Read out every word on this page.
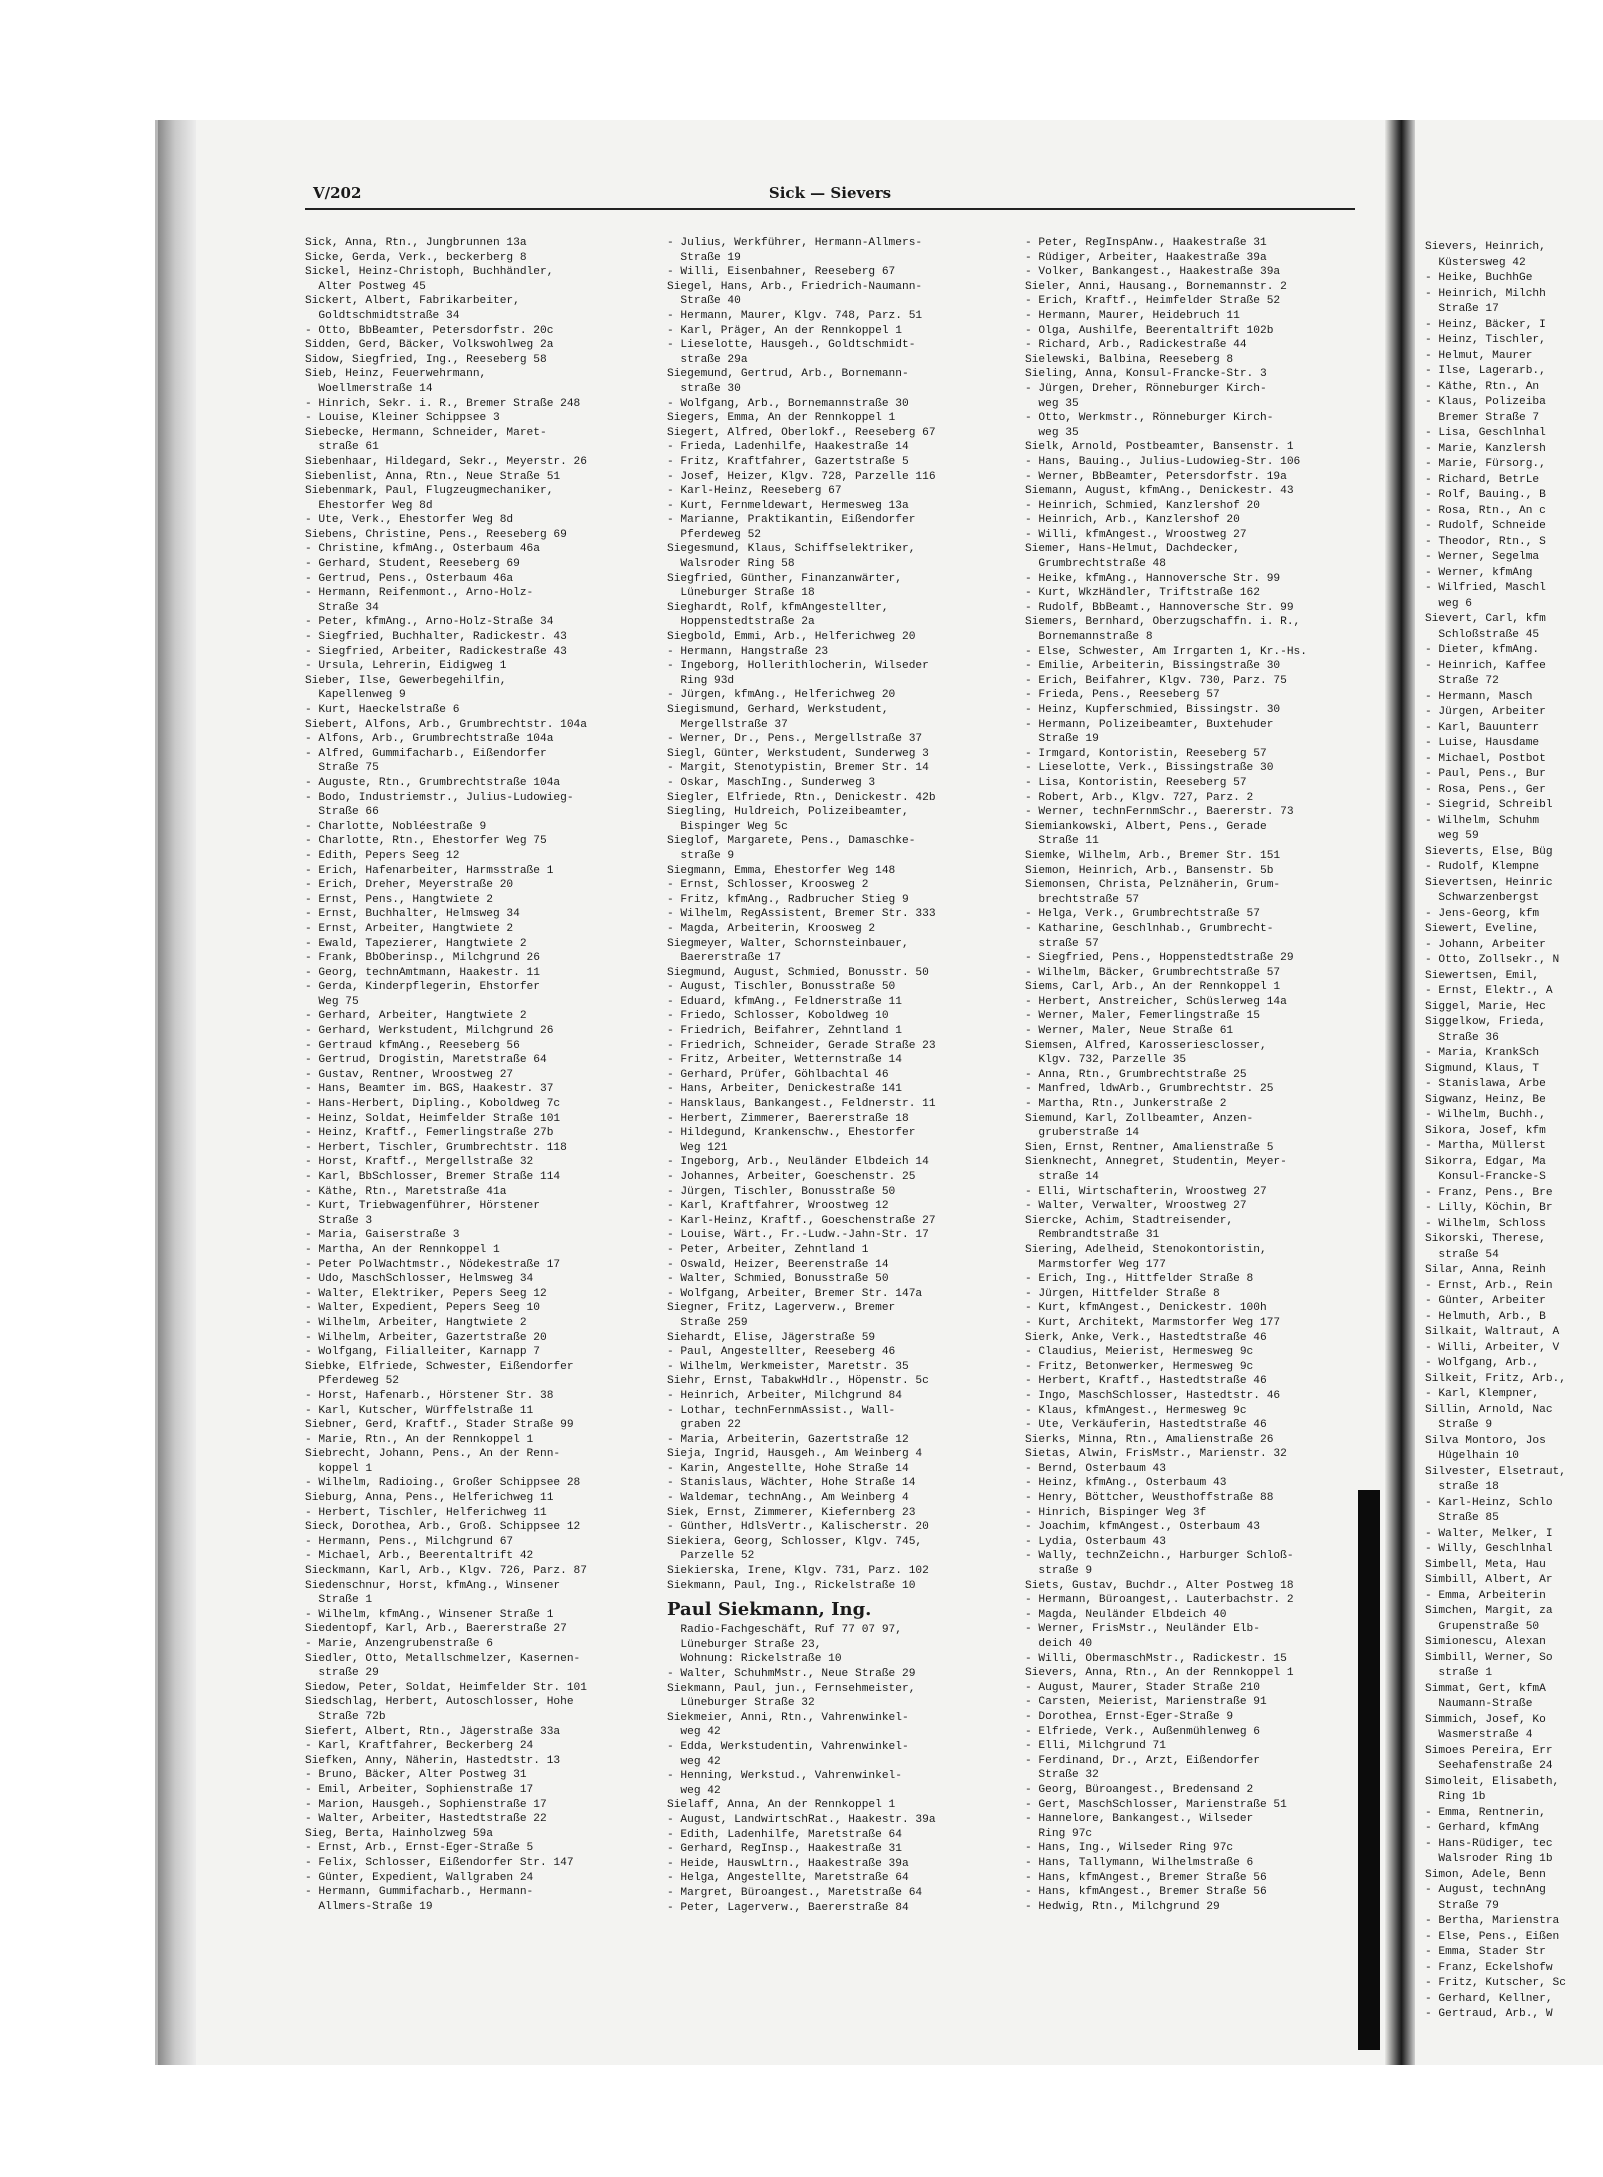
V/202	Sick — Sievers
Sick, Anna, Rtn., Jungbrunnen 13a
Sicke, Gerda, Verk., beckerberg 8
Sickel, Heinz-Christoph, Buchhändler,
Alter Postweg 45
Sickert, Albert, Fabrikarbeiter,
Goldtschmidtstraße 34
- Otto, BbBeamter, Petersdorfstr. 20c
Sidden, Gerd, Bäcker, Volkswohlweg 2a
Sidow, Siegfried, Ing., Reeseberg 58
Sieb, Heinz, Feuerwehrmann,
Woellmerstraße 14
- Hinrich, Sekr. i. R., Bremer Straße 248
- Louise, Kleiner Schippsee 3
Siebecke, Hermann, Schneider, Maret-
straße 61
Siebenhaar, Hildegard, Sekr., Meyerstr. 26
Siebenlist, Anna, Rtn., Neue Straße 51
Siebenmark, Paul, Flugzeugmechaniker,
Ehestorfer Weg 8d
- Ute, Verk., Ehestorfer Weg 8d
Siebens, Christine, Pens., Reeseberg 69
- Christine, kfmAng., Osterbaum 46a
- Gerhard, Student, Reeseberg 69
- Gertrud, Pens., Osterbaum 46a
- Hermann, Reifenmont., Arno-Holz-
Straße 34
- Peter, kfmAng., Arno-Holz-Straße 34
- Siegfried, Buchhalter, Radickestr. 43
- Siegfried, Arbeiter, Radickestraße 43
- Ursula, Lehrerin, Eidigweg 1
Sieber, Ilse, Gewerbegehilfin,
Kapellenweg 9
- Kurt, Haeckelstraße 6
Siebert, Alfons, Arb., Grumbrechtstr. 104a
- Alfons, Arb., Grumbrechtstraße 104a
- Alfred, Gummifacharb., Eißendorfer
Straße 75
- Auguste, Rtn., Grumbrechtstraße 104a
- Bodo, Industriemstr., Julius-Ludowieg-
Straße 66
- Charlotte, Nobléestraße 9
- Charlotte, Rtn., Ehestorfer Weg 75
- Edith, Pepers Seeg 12
- Erich, Hafenarbeiter, Harmsstraße 1
- Erich, Dreher, Meyerstraße 20
- Ernst, Pens., Hangtwiete 2
- Ernst, Buchhalter, Helmsweg 34
- Ernst, Arbeiter, Hangtwiete 2
- Ewald, Tapezierer, Hangtwiete 2
- Frank, BbOberinsp., Milchgrund 26
- Georg, technAmtmann, Haakestr. 11
- Gerda, Kinderpflegerin, Ehstorfer
Weg 75
- Gerhard, Arbeiter, Hangtwiete 2
- Gerhard, Werkstudent, Milchgrund 26
- Gertraud kfmAng., Reeseberg 56
- Gertrud, Drogistin, Maretstraße 64
- Gustav, Rentner, Wroostweg 27
- Hans, Beamter im. BGS, Haakestr. 37
- Hans-Herbert, Dipling., Koboldweg 7c
- Heinz, Soldat, Heimfelder Straße 101
- Heinz, Kraftf., Femerlingstraße 27b
- Herbert, Tischler, Grumbrechtstr. 118
- Horst, Kraftf., Mergellstraße 32
- Karl, BbSchlosser, Bremer Straße 114
- Käthe, Rtn., Maretstraße 41a
- Kurt, Triebwagenführer, Hörstener
Straße 3
- Maria, Gaiserstraße 3
- Martha, An der Rennkoppel 1
- Peter PolWachtmstr., Nödekestraße 17
- Udo, MaschSchlosser, Helmsweg 34
- Walter, Elektriker, Pepers Seeg 12
- Walter, Expedient, Pepers Seeg 10
- Wilhelm, Arbeiter, Hangtwiete 2
- Wilhelm, Arbeiter, Gazertstraße 20
- Wolfgang, Filialleiter, Karnapp 7
Siebke, Elfriede, Schwester, Eißendorfer
Pferdeweg 52
- Horst, Hafenarb., Hörstener Str. 38
- Karl, Kutscher, Würffelstraße 11
Siebner, Gerd, Kraftf., Stader Straße 99
- Marie, Rtn., An der Rennkoppel 1
Siebrecht, Johann, Pens., An der Renn-
koppel 1
- Wilhelm, Radioing., Großer Schippsee 28
Sieburg, Anna, Pens., Helferichweg 11
- Herbert, Tischler, Helferichweg 11
Sieck, Dorothea, Arb., Groß. Schippsee 12
- Hermann, Pens., Milchgrund 67
- Michael, Arb., Beerentaltrift 42
Sieckmann, Karl, Arb., Klgv. 726, Parz. 87
Siedenschnur, Horst, kfmAng., Winsener
Straße 1
- Wilhelm, kfmAng., Winsener Straße 1
Siedentopf, Karl, Arb., Baererstraße 27
- Marie, Anzengrubenstraße 6
Siedler, Otto, Metallschmelzer, Kasernen-
straße 29
Siedow, Peter, Soldat, Heimfelder Str. 101
Siedschlag, Herbert, Autoschlosser, Hohe
Straße 72b
Siefert, Albert, Rtn., Jägerstraße 33a
- Karl, Kraftfahrer, Beckerberg 24
Siefken, Anny, Näherin, Hastedtstr. 13
- Bruno, Bäcker, Alter Postweg 31
- Emil, Arbeiter, Sophienstraße 17
- Marion, Hausgeh., Sophienstraße 17
- Walter, Arbeiter, Hastedtstraße 22
Sieg, Berta, Hainholzweg 59a
- Ernst, Arb., Ernst-Eger-Straße 5
- Felix, Schlosser, Eißendorfer Str. 147
- Günter, Expedient, Wallgraben 24
- Hermann, Gummifacharb., Hermann-
Allmers-Straße 19
- Julius, Werkführer, Hermann-Allmers-
Straße 19
- Willi, Eisenbahner, Reeseberg 67
Siegel, Hans, Arb., Friedrich-Naumann-
Straße 40
- Hermann, Maurer, Klgv. 748, Parz. 51
- Karl, Präger, An der Rennkoppel 1
- Lieselotte, Hausgeh., Goldtschmidt-
straße 29a
Siegemund, Gertrud, Arb., Bornemann-
straße 30
- Wolfgang, Arb., Bornemannstraße 30
Siegers, Emma, An der Rennkoppel 1
Siegert, Alfred, Oberlokf., Reeseberg 67
- Frieda, Ladenhilfe, Haakestraße 14
- Fritz, Kraftfahrer, Gazertstraße 5
- Josef, Heizer, Klgv. 728, Parzelle 116
- Karl-Heinz, Reeseberg 67
- Kurt, Fernmeldewart, Hermesweg 13a
- Marianne, Praktikantin, Eißendorfer
Pferdeweg 52
Siegesmund, Klaus, Schiffselektriker,
Walsroder Ring 58
Siegfried, Günther, Finanzanwärter,
Lüneburger Straße 18
Sieghardt, Rolf, kfmAngestellter,
Hoppenstedtstraße 2a
Siegbold, Emmi, Arb., Helferichweg 20
- Hermann, Hangstraße 23
- Ingeborg, Hollerithlocherin, Wilseder
Ring 93d
- Jürgen, kfmAng., Helferichweg 20
Siegismund, Gerhard, Werkstudent,
Mergellstraße 37
- Werner, Dr., Pens., Mergellstraße 37
Siegl, Günter, Werkstudent, Sunderweg 3
- Margit, Stenotypistin, Bremer Str. 14
- Oskar, MaschIng., Sunderweg 3
Siegler, Elfriede, Rtn., Denickestr. 42b
Siegling, Huldreich, Polizeibeamter,
Bispinger Weg 5c
Sieglof, Margarete, Pens., Damaschke-
straße 9
Siegmann, Emma, Ehestorfer Weg 148
- Ernst, Schlosser, Kroosweg 2
- Fritz, kfmAng., Radbrucher Stieg 9
- Wilhelm, RegAssistent, Bremer Str. 333
- Magda, Arbeiterin, Kroosweg 2
Siegmeyer, Walter, Schornsteinbauer,
Baererstraße 17
Siegmund, August, Schmied, Bonusstr. 50
- August, Tischler, Bonusstraße 50
- Eduard, kfmAng., Feldnerstraße 11
- Friedo, Schlosser, Koboldweg 10
- Friedrich, Beifahrer, Zehntland 1
- Friedrich, Schneider, Gerade Straße 23
- Fritz, Arbeiter, Wetternstraße 14
- Gerhard, Prüfer, Göhlbachtal 46
- Hans, Arbeiter, Denickestraße 141
- Hansklaus, Bankangest., Feldnerstr. 11
- Herbert, Zimmerer, Baererstraße 18
- Hildegund, Krankenschw., Ehestorfer
Weg 121
- Ingeborg, Arb., Neuländer Elbdeich 14
- Johannes, Arbeiter, Goeschenstr. 25
- Jürgen, Tischler, Bonusstraße 50
- Karl, Kraftfahrer, Wroostweg 12
- Karl-Heinz, Kraftf., Goeschenstraße 27
- Louise, Wärt., Fr.-Ludw.-Jahn-Str. 17
- Peter, Arbeiter, Zehntland 1
- Oswald, Heizer, Beerenstraße 14
- Walter, Schmied, Bonusstraße 50
- Wolfgang, Arbeiter, Bremer Str. 147a
Siegner, Fritz, Lagerverw., Bremer
Straße 259
Siehardt, Elise, Jägerstraße 59
- Paul, Angestellter, Reeseberg 46
- Wilhelm, Werkmeister, Maretstr. 35
Siehr, Ernst, TabakwHdlr., Höpenstr. 5c
- Heinrich, Arbeiter, Milchgrund 84
- Lothar, technFernmAssist., Wall-
graben 22
- Maria, Arbeiterin, Gazertstraße 12
Sieja, Ingrid, Hausgeh., Am Weinberg 4
- Karin, Angestellte, Hohe Straße 14
- Stanislaus, Wächter, Hohe Straße 14
- Waldemar, technAng., Am Weinberg 4
Siek, Ernst, Zimmerer, Kiefernberg 23
- Günther, HdlsVertr., Kalischerstr. 20
Siekiera, Georg, Schlosser, Klgv. 745,
Parzelle 52
Siekierska, Irene, Klgv. 731, Parz. 102
Siekmann, Paul, Ing., Rickelstraße 10
Paul Siekmann, Ing.
Radio-Fachgeschäft, Ruf 77 07 97,
Lüneburger Straße 23,
Wohnung: Rickelstraße 10
- Walter, SchuhmMstr., Neue Straße 29
Siekmann, Paul, jun., Fernsehmeister,
Lüneburger Straße 32
Siekmeier, Anni, Rtn., Vahrenwinkel-
weg 42
- Edda, Werkstudentin, Vahrenwinkel-
weg 42
- Henning, Werkstud., Vahrenwinkel-
weg 42
Sielaff, Anna, An der Rennkoppel 1
- August, LandwirtschRat., Haakestr. 39a
- Edith, Ladenhilfe, Maretstraße 64
- Gerhard, RegInsp., Haakestraße 31
- Heide, HauswLtrn., Haakestraße 39a
- Helga, Angestellte, Maretstraße 64
- Margret, Büroangest., Maretstraße 64
- Peter, Lagerverw., Baererstraße 84
- Peter, RegInspAnw., Haakestraße 31
- Rüdiger, Arbeiter, Haakestraße 39a
- Volker, Bankangest., Haakestraße 39a
Sieler, Anni, Hausang., Bornemannstr. 2
- Erich, Kraftf., Heimfelder Straße 52
- Hermann, Maurer, Heidebruch 11
- Olga, Aushilfe, Beerentaltrift 102b
- Richard, Arb., Radickestraße 44
Sielewski, Balbina, Reeseberg 8
Sieling, Anna, Konsul-Francke-Str. 3
- Jürgen, Dreher, Rönneburger Kirch-
weg 35
- Otto, Werkmstr., Rönneburger Kirch-
weg 35
Sielk, Arnold, Postbeamter, Bansenstr. 1
- Hans, Bauing., Julius-Ludowieg-Str. 106
- Werner, BbBeamter, Petersdorfstr. 19a
Siemann, August, kfmAng., Denickestr. 43
- Heinrich, Schmied, Kanzlershof 20
- Heinrich, Arb., Kanzlershof 20
- Willi, kfmAngest., Wroostweg 27
Siemer, Hans-Helmut, Dachdecker,
Grumbrechtstraße 48
- Heike, kfmAng., Hannoversche Str. 99
- Kurt, WkzHändler, Triftstraße 162
- Rudolf, BbBeamt., Hannoversche Str. 99
Siemers, Bernhard, Oberzugschaffn. i. R.,
Bornemannstraße 8
- Else, Schwester, Am Irrgarten 1, Kr.-Hs.
- Emilie, Arbeiterin, Bissingstraße 30
- Erich, Beifahrer, Klgv. 730, Parz. 75
- Frieda, Pens., Reeseberg 57
- Heinz, Kupferschmied, Bissingstr. 30
- Hermann, Polizeibeamter, Buxtehuder
Straße 19
- Irmgard, Kontoristin, Reeseberg 57
- Lieselotte, Verk., Bissingstraße 30
- Lisa, Kontoristin, Reeseberg 57
- Robert, Arb., Klgv. 727, Parz. 2
- Werner, technFernmSchr., Baererstr. 73
Siemiankowski, Albert, Pens., Gerade
Straße 11
Siemke, Wilhelm, Arb., Bremer Str. 151
Siemon, Heinrich, Arb., Bansenstr. 5b
Siemonsen, Christa, Pelznäherin, Grum-
brechtstraße 57
- Helga, Verk., Grumbrechtstraße 57
- Katharine, Geschlnhab., Grumbrecht-
straße 57
- Siegfried, Pens., Hoppenstedtstraße 29
- Wilhelm, Bäcker, Grumbrechtstraße 57
Siems, Carl, Arb., An der Rennkoppel 1
- Herbert, Anstreicher, Schüslerweg 14a
- Werner, Maler, Femerlingstraße 15
- Werner, Maler, Neue Straße 61
Siemsen, Alfred, Karosseriesclosser,
Klgv. 732, Parzelle 35
- Anna, Rtn., Grumbrechtstraße 25
- Manfred, ldwArb., Grumbrechtstr. 25
- Martha, Rtn., Junkerstraße 2
Siemund, Karl, Zollbeamter, Anzen-
gruberstraße 14
Sien, Ernst, Rentner, Amalienstraße 5
Sienknecht, Annegret, Studentin, Meyer-
straße 14
- Elli, Wirtschafterin, Wroostweg 27
- Walter, Verwalter, Wroostweg 27
Siercke, Achim, Stadtreisender,
Rembrandtstraße 31
Siering, Adelheid, Stenokontoristin,
Marmstorfer Weg 177
- Erich, Ing., Hittfelder Straße 8
- Jürgen, Hittfelder Straße 8
- Kurt, kfmAngest., Denickestr. 100h
- Kurt, Architekt, Marmstorfer Weg 177
Sierk, Anke, Verk., Hastedtstraße 46
- Claudius, Meierist, Hermesweg 9c
- Fritz, Betonwerker, Hermesweg 9c
- Herbert, Kraftf., Hastedtstraße 46
- Ingo, MaschSchlosser, Hastedtstr. 46
- Klaus, kfmAngest., Hermesweg 9c
- Ute, Verkäuferin, Hastedtstraße 46
Sierks, Minna, Rtn., Amalienstraße 26
Sietas, Alwin, FrisMstr., Marienstr. 32
- Bernd, Osterbaum 43
- Heinz, kfmAng., Osterbaum 43
- Henry, Böttcher, Weusthoffstraße 88
- Hinrich, Bispinger Weg 3f
- Joachim, kfmAngest., Osterbaum 43
- Lydia, Osterbaum 43
- Wally, technZeichn., Harburger Schloß-
straße 9
Siets, Gustav, Buchdr., Alter Postweg 18
- Hermann, Büroangest,. Lauterbachstr. 2
- Magda, Neuländer Elbdeich 40
- Werner, FrisMstr., Neuländer Elb-
deich 40
- Willi, ObermaschMstr., Radickestr. 15
Sievers, Anna, Rtn., An der Rennkoppel 1
- August, Maurer, Stader Straße 210
- Carsten, Meierist, Marienstraße 91
- Dorothea, Ernst-Eger-Straße 9
- Elfriede, Verk., Außenmühlenweg 6
- Elli, Milchgrund 71
- Ferdinand, Dr., Arzt, Eißendorfer
Straße 32
- Georg, Büroangest., Bredensand 2
- Gert, MaschSchlosser, Marienstraße 51
- Hannelore, Bankangest., Wilseder
Ring 97c
- Hans, Ing., Wilseder Ring 97c
- Hans, Tallymann, Wilhelmstraße 6
- Hans, kfmAngest., Bremer Straße 56
- Hans, kfmAngest., Bremer Straße 56
- Hedwig, Rtn., Milchgrund 29
Sievers, Heinrich,
Küstersweg 42
- Heike, BuchhGe
- Heinrich, Milchh
Straße 17
- Heinz, Bäcker, I
- Heinz, Tischler,
- Helmut, Maurer
- Ilse, Lagerarb.,
- Käthe, Rtn., An
- Klaus, Polizeiba
Bremer Straße 7
- Lisa, Geschlnhal
- Marie, Kanzlersh
- Marie, Fürsorg.,
- Richard, BetrLe
- Rolf, Bauing., B
- Rosa, Rtn., An c
- Rudolf, Schneide
- Theodor, Rtn., S
- Werner, Segelma
- Werner, kfmAng
- Wilfried, Maschl
weg 6
Sievert, Carl, kfm
Schloßstraße 45
- Dieter, kfmAng.
- Heinrich, Kaffee
Straße 72
- Hermann, Masch
- Jürgen, Arbeiter
- Karl, Bauunterr
- Luise, Hausdame
- Michael, Postbot
- Paul, Pens., Bur
- Rosa, Pens., Ger
- Siegrid, Schreibl
- Wilhelm, Schuhm
weg 59
Sieverts, Else, Büg
- Rudolf, Klempne
Sievertsen, Heinric
Schwarzenbergst
- Jens-Georg, kfm
Siewert, Eveline,
- Johann, Arbeiter
- Otto, Zollsekr., N
Siewertsen, Emil,
- Ernst, Elektr., A
Siggel, Marie, Hec
Siggelkow, Frieda,
Straße 36
- Maria, KrankSch
Sigmund, Klaus, T
- Stanislawa, Arbe
Sigwanz, Heinz, Be
- Wilhelm, Buchh.,
Sikora, Josef, kfm
- Martha, Müllerst
Sikorra, Edgar, Ma
Konsul-Francke-S
- Franz, Pens., Bre
- Lilly, Köchin, Br
- Wilhelm, Schloss
Sikorski, Therese,
straße 54
Silar, Anna, Reinh
- Ernst, Arb., Rein
- Günter, Arbeiter
- Helmuth, Arb., B
Silkait, Waltraut, A
- Willi, Arbeiter, V
- Wolfgang, Arb.,
Silkeit, Fritz, Arb.,
- Karl, Klempner,
Sillin, Arnold, Nac
Straße 9
Silva Montoro, Jos
Hügelhain 10
Silvester, Elsetraut,
straße 18
- Karl-Heinz, Schlo
Straße 85
- Walter, Melker, I
- Willy, Geschlnhal
Simbell, Meta, Hau
Simbill, Albert, Ar
- Emma, Arbeiterin
Simchen, Margit, za
Grupenstraße 50
Simionescu, Alexan
Simbill, Werner, So
straße 1
Simmat, Gert, kfmA
Naumann-Straße
Simmich, Josef, Ko
Wasmerstraße 4
Simoes Pereira, Err
Seehafenstraße 24
Simoleit, Elisabeth,
Ring 1b
- Emma, Rentnerin,
- Gerhard, kfmAng
- Hans-Rüdiger, tec
Walsroder Ring 1b
Simon, Adele, Benn
- August, technAng
Straße 79
- Bertha, Marienstra
- Else, Pens., Eißen
- Emma, Stader Str
- Franz, Eckelshofw
- Fritz, Kutscher, Sc
- Gerhard, Kellner,
- Gertraud, Arb., W
